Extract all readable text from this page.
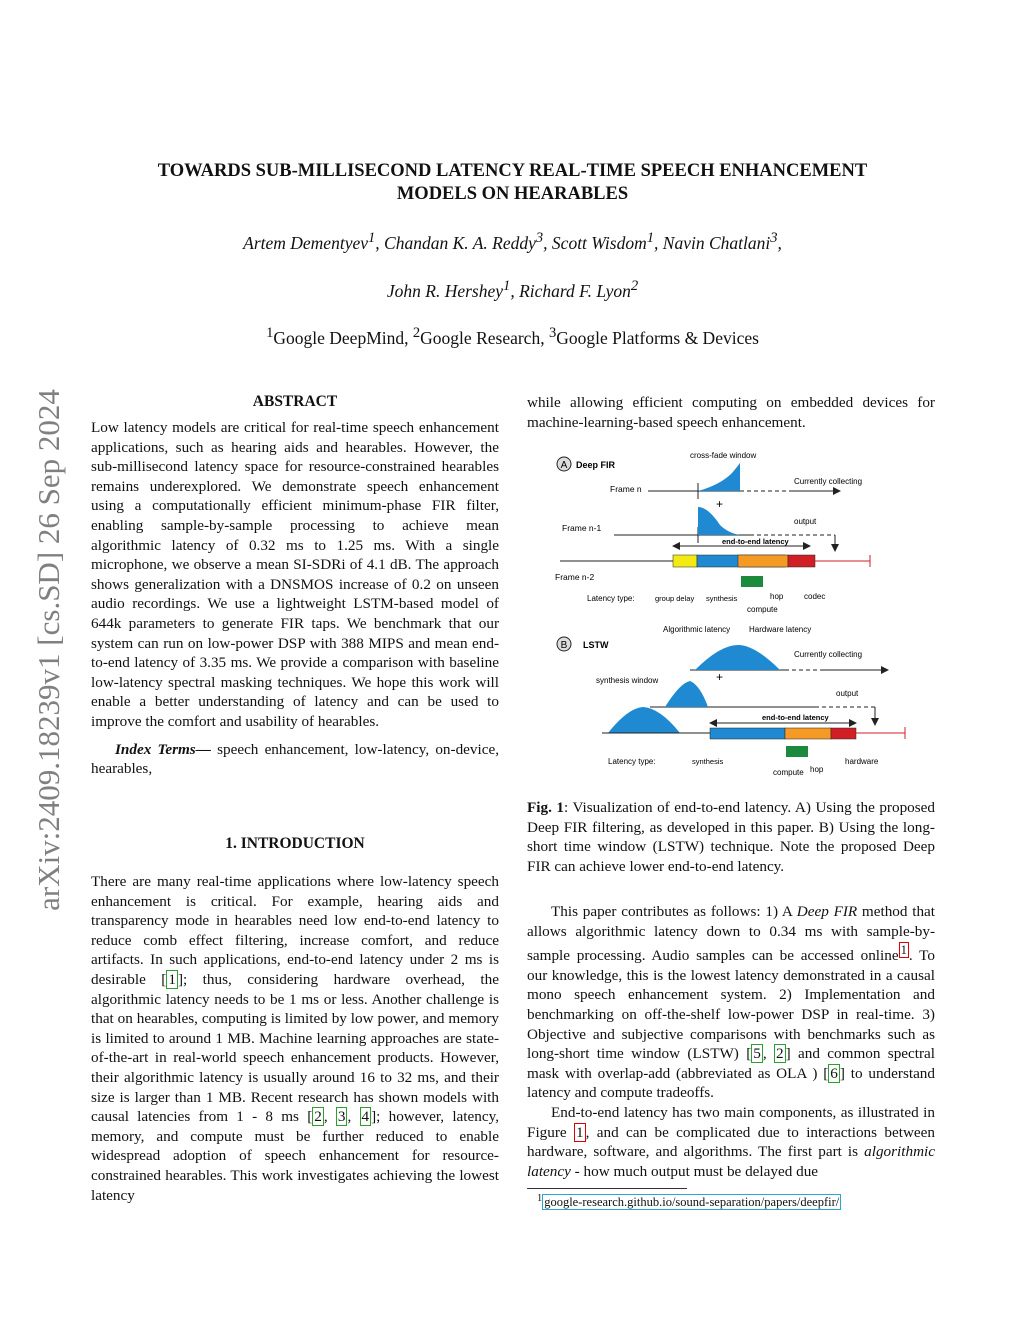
arXiv:2409.18239v1 [cs.SD] 26 Sep 2024
TOWARDS SUB-MILLISECOND LATENCY REAL-TIME SPEECH ENHANCEMENT
MODELS ON HEARABLES
Artem Dementyev$^1$, Chandan K. A. Reddy$^3$, Scott Wisdom$^1$, Navin Chatlani$^3$,
John R. Hershey$^1$, Richard F. Lyon$^2$
$^1$Google DeepMind, $^2$Google Research, $^3$Google Platforms & Devices
ABSTRACT

Low latency models are critical for real-time speech enhancement applications, such as hearing aids and hearables. However, the sub-millisecond latency space for resource-constrained hearables remains underexplored. We demonstrate speech enhancement using a computationally efficient minimum-phase FIR filter, enabling sample-by-sample processing to achieve mean algorithmic latency of 0.32 ms to 1.25 ms. With a single microphone, we observe a mean SI-SDRi of 4.1 dB. The approach shows generalization with a DNSMOS increase of 0.2 on unseen audio recordings. We use a lightweight LSTM-based model of 644k parameters to generate FIR taps. We benchmark that our system can run on low-power DSP with 388 MIPS and mean end-to-end latency of 3.35 ms. We provide a comparison with baseline low-latency spectral masking techniques. We hope this work will enable a better understanding of latency and can be used to improve the comfort and usability of hearables.

Index Terms— speech enhancement, low-latency, on-device, hearables,

1. INTRODUCTION

There are many real-time applications where low-latency speech enhancement is critical. For example, hearing aids and transparency mode in hearables need low end-to-end latency to reduce comb effect filtering, increase comfort, and reduce artifacts. In such applications, end-to-end latency under 2 ms is desirable [ 1 ]; thus, considering hardware overhead, the algorithmic latency needs to be 1 ms or less. Another challenge is that on hearables, computing is limited by low power, and memory is limited to around 1 MB. Machine learning approaches are state-of-the-art in real-world speech enhancement products. However, their algorithmic latency is usually around 16 to 32 ms, and their size is larger than 1 MB. Recent research has shown models with causal latencies from 1 - 8 ms [ 2 , 3 , 4 ]; however, latency, memory, and compute must be further reduced to enable widespread adoption of speech enhancement for resource-constrained hearables. This work investigates achieving the lowest latency

while allowing efficient computing on embedded devices for machine-learning-based speech enhancement.

A Deep FIR
cross-fade window
Frame n
Currently collecting
+
Frame n-1
output
end-to-end latency
Frame n-2
Latency type:	group delay synthesis	hop	codec
compute
Algorithmic latency Hardware latency
B LSTW
Currently collecting
synthesis window	+
output
end-to-end latency
Latency type:	synthesis
compute hop
hardware

Fig. 1: Visualization of end-to-end latency. A) Using the proposed Deep FIR filtering, as developed in this paper. B) Using the long-short time window (LSTW) technique. Note the proposed Deep FIR can achieve lower end-to-end latency.

This paper contributes as follows: 1) A Deep FIR method that allows algorithmic latency down to 0.34 ms with sample-by-sample processing. Audio samples can be accessed online $^1$ . To our knowledge, this is the lowest latency demonstrated in a causal mono speech enhancement system. 2) Implementation and benchmarking on off-the-shelf low-power DSP in real-time. 3) Objective and subjective comparisons with benchmarks such as long-short time window (LSTW) [ 5 , 2 ] and common spectral mask with overlap-add (abbreviated as OLA ) [ 6 ] to understand latency and compute tradeoffs.

End-to-end latency has two main components, as illustrated in Figure 1 , and can be complicated due to interactions between hardware, software, and algorithms. The first part is algorithmic latency - how much output must be delayed due

$^1$ google-research.github.io/sound-separation/papers/deepfir/
